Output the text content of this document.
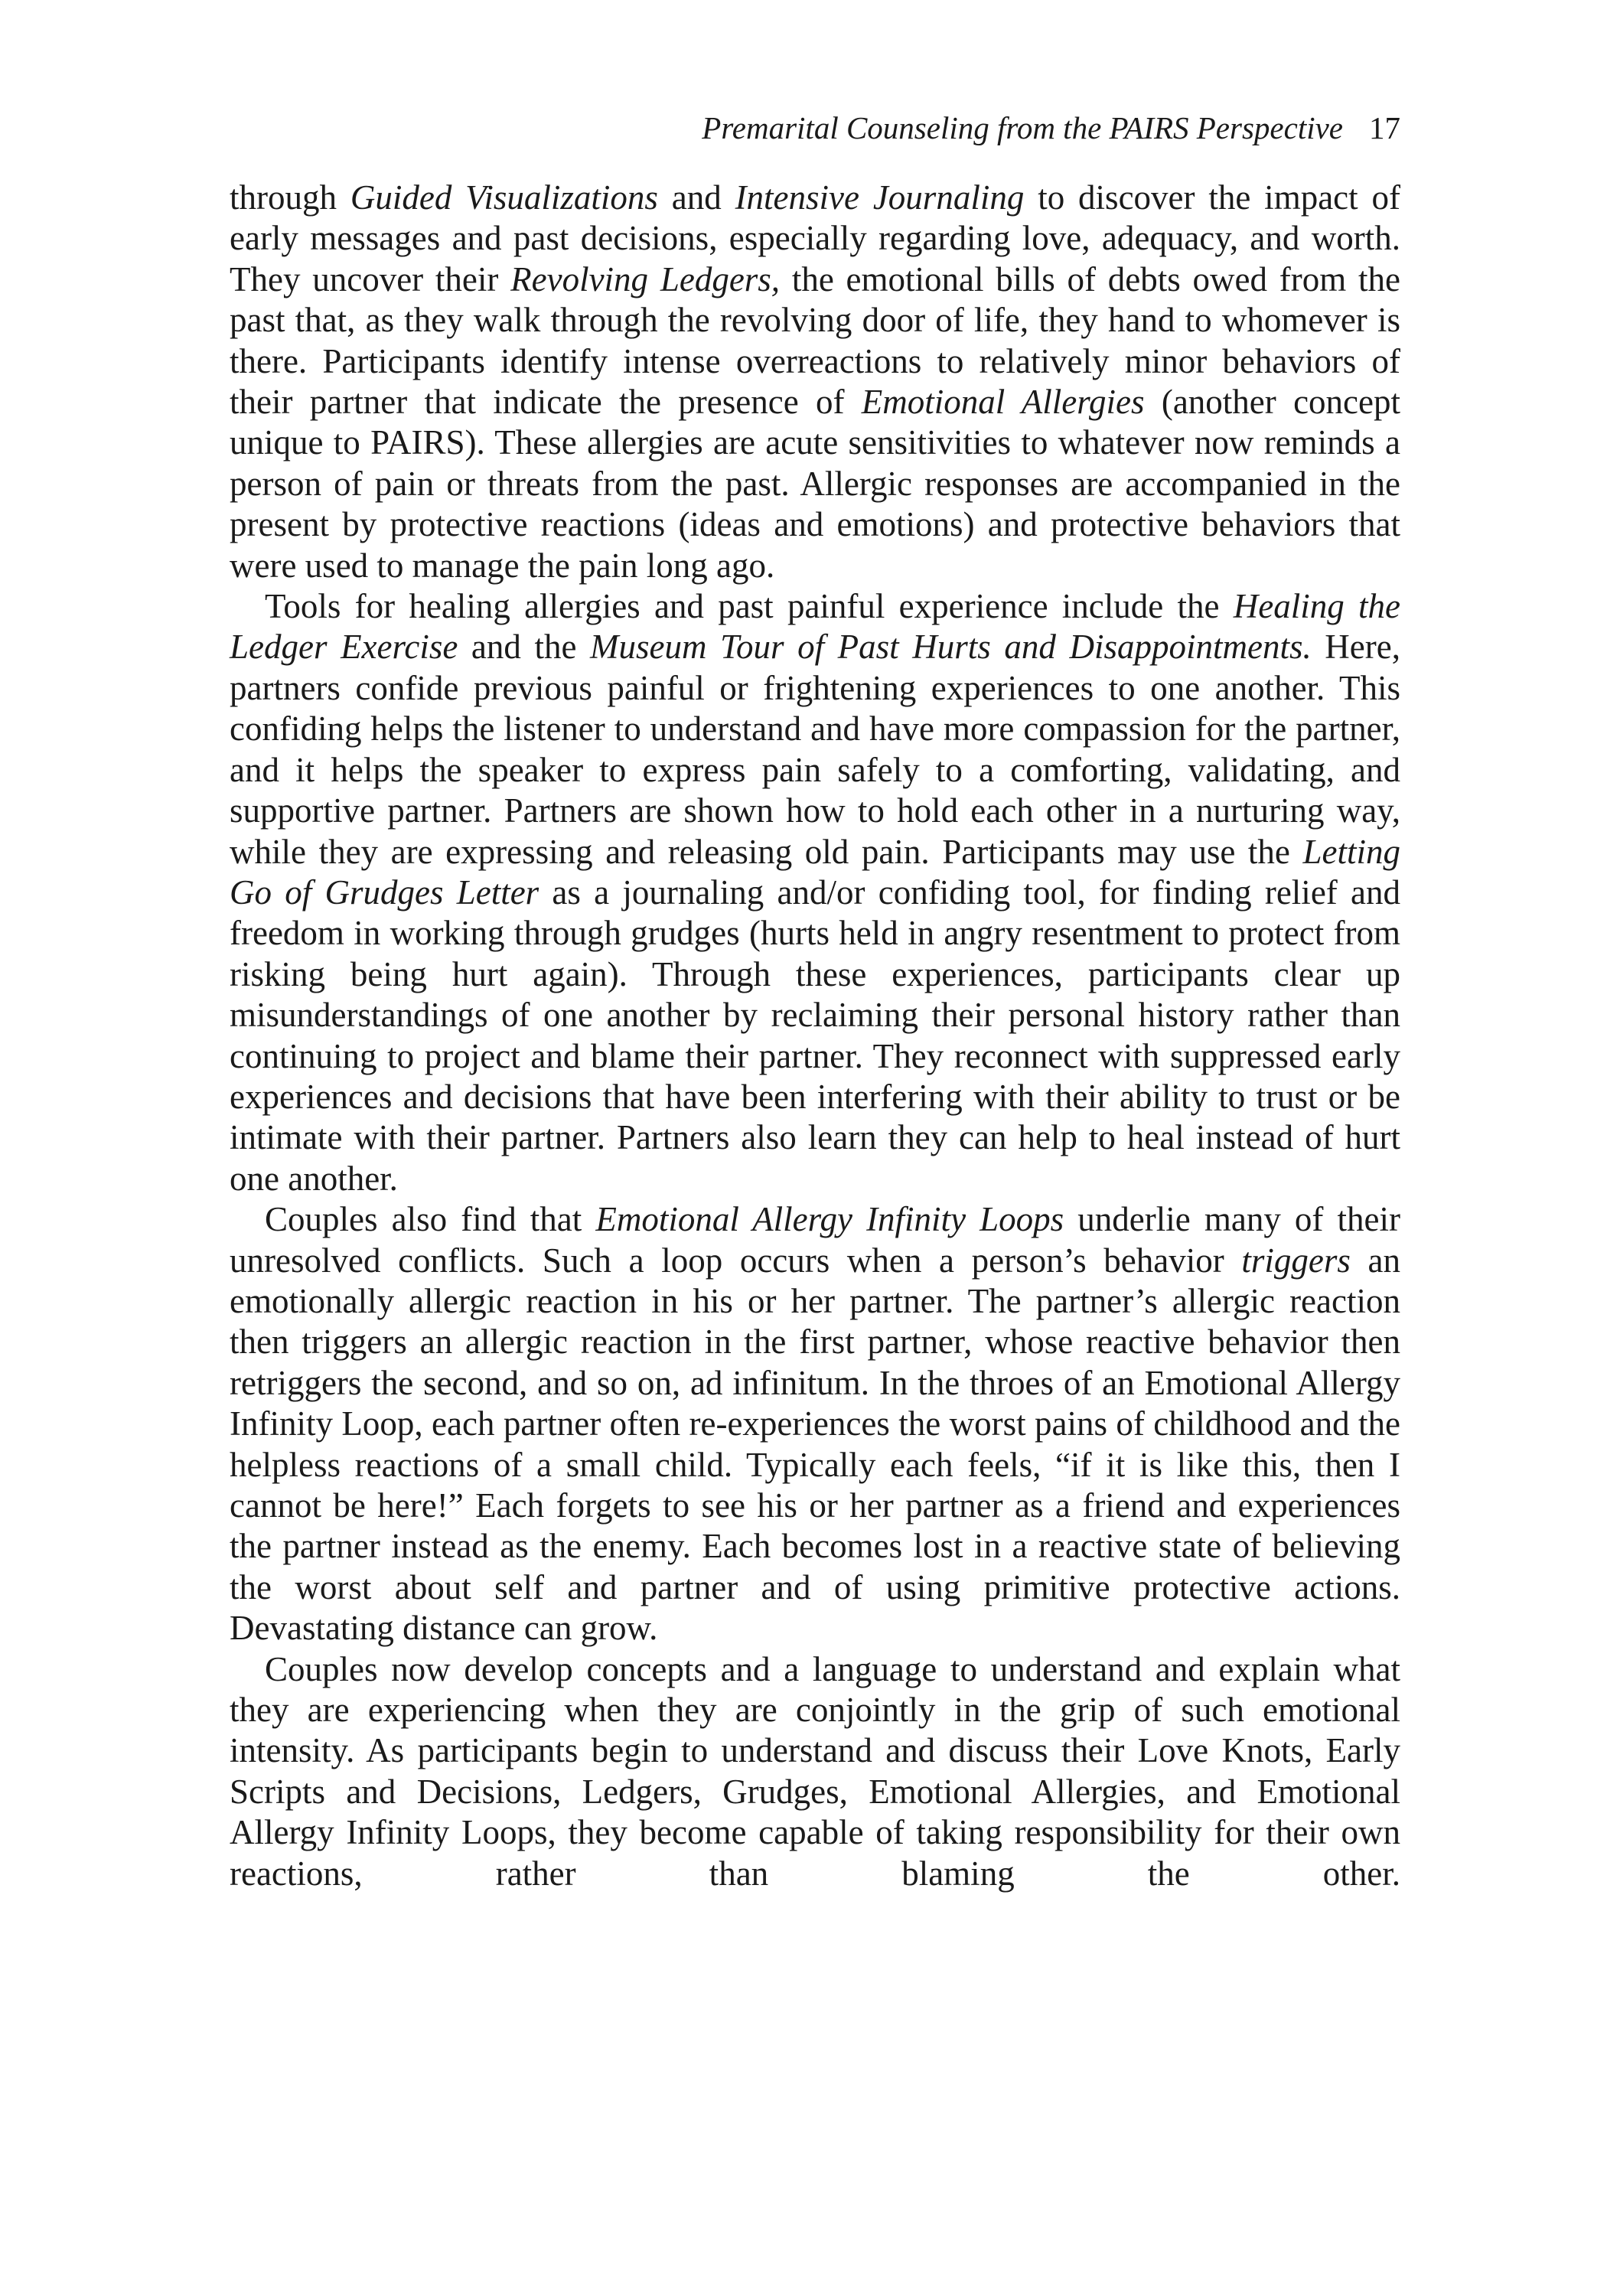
Premarital Counseling from the PAIRS Perspective 17

through Guided Visualizations and Intensive Journaling to discover the impact of early messages and past decisions, especially regarding love, adequacy, and worth. They uncover their Revolving Ledgers, the emotional bills of debts owed from the past that, as they walk through the revolving door of life, they hand to whomever is there. Participants identify intense overreactions to relatively minor behaviors of their partner that indicate the presence of Emotional Allergies (another concept unique to PAIRS). These allergies are acute sensitivities to whatever now reminds a person of pain or threats from the past. Allergic responses are accompanied in the present by protective reactions (ideas and emotions) and protective behaviors that were used to manage the pain long ago.

Tools for healing allergies and past painful experience include the Healing the Ledger Exercise and the Museum Tour of Past Hurts and Disappointments. Here, partners confide previous painful or frightening experiences to one another. This confiding helps the listener to understand and have more compassion for the partner, and it helps the speaker to express pain safely to a comforting, validating, and supportive partner. Partners are shown how to hold each other in a nurturing way, while they are expressing and releasing old pain. Participants may use the Letting Go of Grudges Letter as a journaling and/or confiding tool, for finding relief and freedom in working through grudges (hurts held in angry resentment to protect from risking being hurt again). Through these experiences, participants clear up misunderstandings of one another by reclaiming their personal history rather than continuing to project and blame their partner. They reconnect with suppressed early experiences and decisions that have been interfering with their ability to trust or be intimate with their partner. Partners also learn they can help to heal instead of hurt one another.

Couples also find that Emotional Allergy Infinity Loops underlie many of their unresolved conflicts. Such a loop occurs when a person’s behavior triggers an emotionally allergic reaction in his or her partner. The partner’s allergic reaction then triggers an allergic reaction in the first partner, whose reactive behavior then retriggers the second, and so on, ad infinitum. In the throes of an Emotional Allergy Infinity Loop, each partner often re-experiences the worst pains of childhood and the helpless reactions of a small child. Typically each feels, “if it is like this, then I cannot be here!” Each forgets to see his or her partner as a friend and experiences the partner instead as the enemy. Each becomes lost in a reactive state of believing the worst about self and partner and of using primitive protective actions. Devastating distance can grow.

Couples now develop concepts and a language to understand and explain what they are experiencing when they are conjointly in the grip of such emotional intensity. As participants begin to understand and discuss their Love Knots, Early Scripts and Decisions, Ledgers, Grudges, Emotional Allergies, and Emotional Allergy Infinity Loops, they become capable of taking responsibility for their own reactions, rather than blaming the other.
